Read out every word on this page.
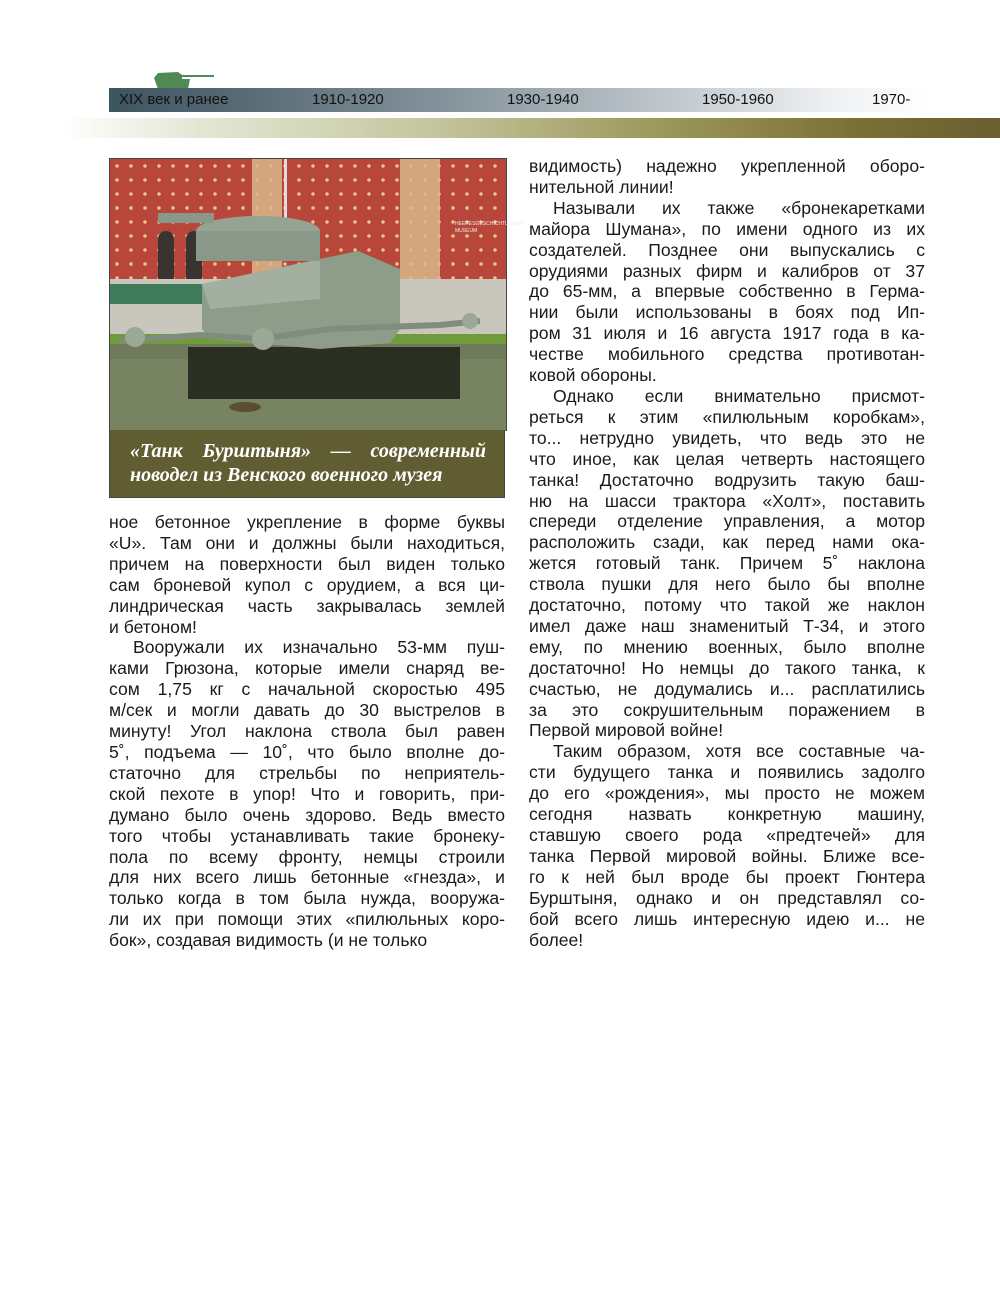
XIX век и ранее	1910-1920	1930-1940	1950-1960	1970-
HEERESGESCHICHTLICHES MUSEUM
«Танк Бурштыня» — современный
новодел из Венского военного музея
ное бетонное укрепление в форме буквы
«U». Там они и должны были находиться,
причем на поверхности был виден только
сам броневой купол с орудием, а вся ци-
линдрическая часть закрывалась землей
и бетоном!
Вооружали их изначально 53-мм пуш-
ками Грюзона, которые имели снаряд ве-
сом 1,75 кг с начальной скоростью 495
м/сек и могли давать до 30 выстрелов в
минуту! Угол наклона ствола был равен
5˚, подъема — 10˚, что было вполне до-
статочно для стрельбы по неприятель-
ской пехоте в упор! Что и говорить, при-
думано было очень здорово. Ведь вместо
того чтобы устанавливать такие бронеку-
пола по всему фронту, немцы строили
для них всего лишь бетонные «гнезда», и
только когда в том была нужда, вооружа-
ли их при помощи этих «пилюльных коро-
бок», создавая видимость (и не только
видимость) надежно укрепленной оборо-
нительной линии!
Называли их также «бронекаретками
майора Шумана», по имени одного из их
создателей. Позднее они выпускались с
орудиями разных фирм и калибров от 37
до 65-мм, а впервые собственно в Герма-
нии были использованы в боях под Ип-
ром 31 июля и 16 августа 1917 года в ка-
честве мобильного средства противотан-
ковой обороны.
Однако если внимательно присмот-
реться к этим «пилюльным коробкам»,
то... нетрудно увидеть, что ведь это не
что иное, как целая четверть настоящего
танка! Достаточно водрузить такую баш-
ню на шасси трактора «Холт», поставить
спереди отделение управления, а мотор
расположить сзади, как перед нами ока-
жется готовый танк. Причем 5˚ наклона
ствола пушки для него было бы вполне
достаточно, потому что такой же наклон
имел даже наш знаменитый Т-34, и этого
ему, по мнению военных, было вполне
достаточно! Но немцы до такого танка, к
счастью, не додумались и... расплатились
за это сокрушительным поражением в
Первой мировой войне!
Таким образом, хотя все составные ча-
сти будущего танка и появились задолго
до его «рождения», мы просто не можем
сегодня назвать конкретную машину,
ставшую своего рода «предтечей» для
танка Первой мировой войны. Ближе все-
го к ней был вроде бы проект Гюнтера
Бурштыня, однако и он представлял со-
бой всего лишь интересную идею и... не
более!
